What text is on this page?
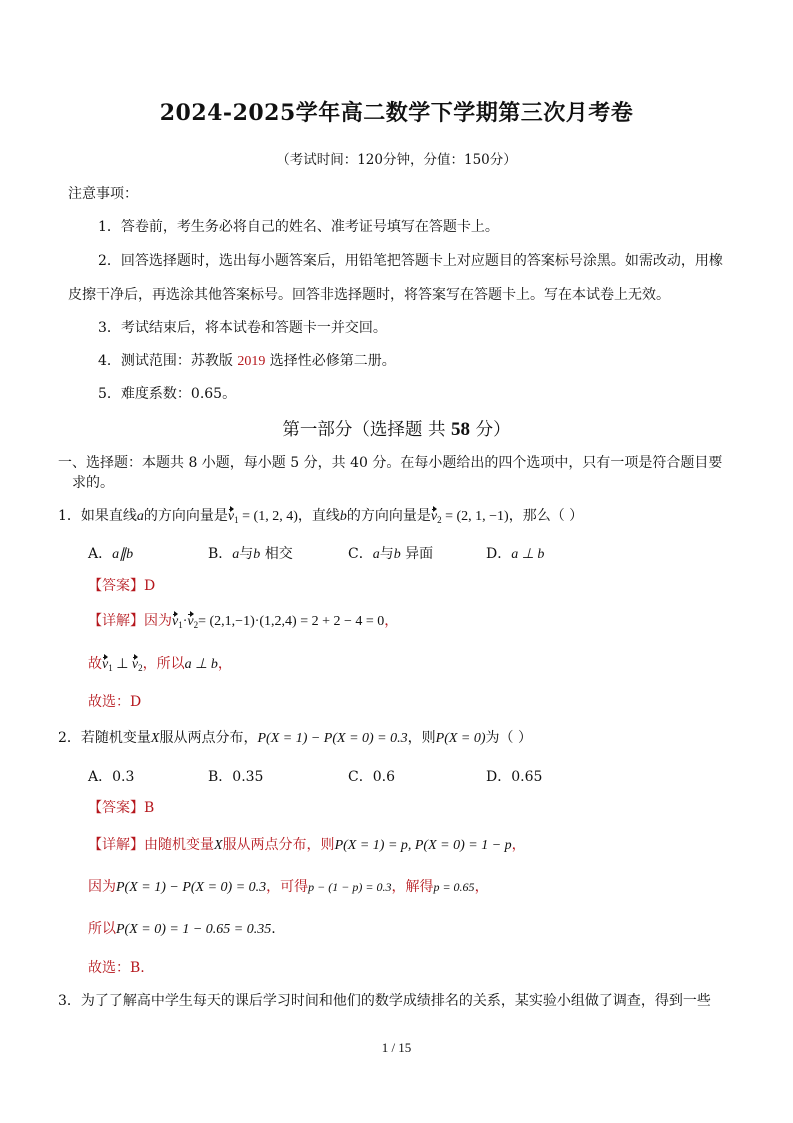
2024-2025学年高二数学下学期第三次月考卷
（考试时间：120分钟，分值：150分）
注意事项：
1．答卷前，考生务必将自己的姓名、准考证号填写在答题卡上。
2．回答选择题时，选出每小题答案后，用铅笔把答题卡上对应题目的答案标号涂黑。如需改动，用橡
皮擦干净后，再选涂其他答案标号。回答非选择题时，将答案写在答题卡上。写在本试卷上无效。
3．考试结束后，将本试卷和答题卡一并交回。
4．测试范围：苏教版 2019 选择性必修第二册。
5．难度系数：0.65。
第一部分（选择题 共 58 分）
一、选择题：本题共 8 小题，每小题 5 分，共 40 分。在每小题给出的四个选项中，只有一项是符合题目要
求的。
1．如果直线a的方向向量是$v_1 = (1$, 2, 4)，直线b的方向向量是$v_2 = (2$, 1, −1)，那么（ ）
A．a∥b	B．a与b 相交	C．a与b 异面	D．a ⊥ b
【答案】D
【详解】因为$v_1\cdot v_2= (2,1,-1)\cdot(1,2,4) = 2 + 2 - 4 = 0$，
故$v_1$ ⊥ $v_2$，所以a ⊥ b，
故选：D
2．若随机变量X服从两点分布，P(X = 1) − P(X = 0) = 0.3，则P(X = 0)为（ ）
A．0.3	B．0.35	C．0.6	D．0.65
【答案】B
【详解】由随机变量X服从两点分布，则P(X = 1) = p, P(X = 0) = 1 − p，
因为P(X = 1) − P(X = 0) = 0.3，可得p − (1 − p) = 0.3，解得p = 0.65，
所以P(X = 0) = 1 − 0.65 = 0.35.
故选：B.
3．为了了解高中学生每天的课后学习时间和他们的数学成绩排名的关系，某实验小组做了调查，得到一些
1 / 15
